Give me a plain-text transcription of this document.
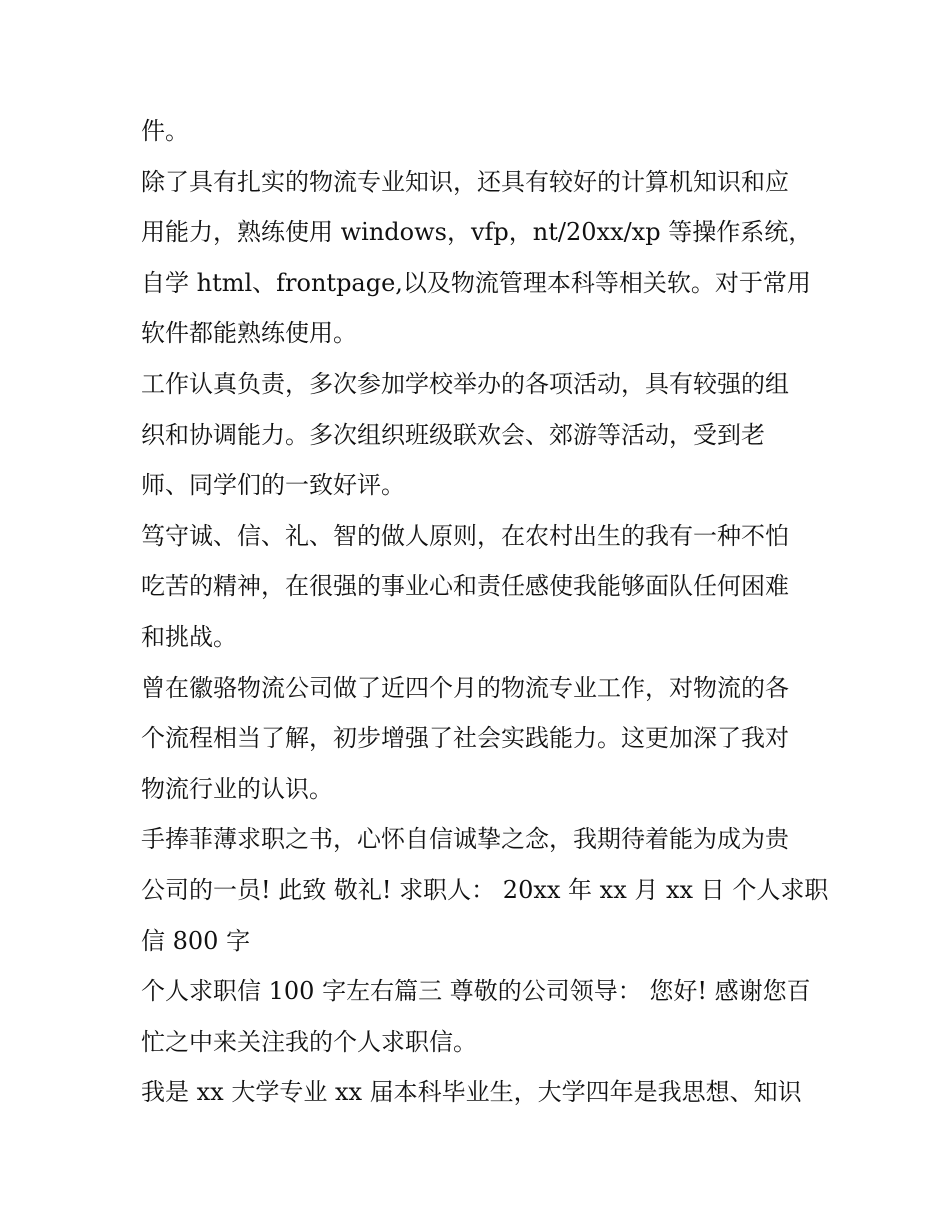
件。

除了具有扎实的物流专业知识，还具有较好的计算机知识和应
用能力，熟练使用 windows，vfp，nt/20xx/xp 等操作系统，
自学 html、frontpage,以及物流管理本科等相关软。对于常用
软件都能熟练使用。

工作认真负责，多次参加学校举办的各项活动，具有较强的组
织和协调能力。多次组织班级联欢会、郊游等活动，受到老
师、同学们的一致好评。

笃守诚、信、礼、智的做人原则，在农村出生的我有一种不怕
吃苦的精神，在很强的事业心和责任感使我能够面队任何困难
和挑战。

曾在徽骆物流公司做了近四个月的物流专业工作，对物流的各
个流程相当了解，初步增强了社会实践能力。这更加深了我对
物流行业的认识。

手捧菲薄求职之书，心怀自信诚挚之念，我期待着能为成为贵
公司的一员! 此致 敬礼! 求职人： 20xx 年 xx 月 xx 日 个人求职
信 800 字

个人求职信 100 字左右篇三 尊敬的公司领导： 您好! 感谢您百
忙之中来关注我的个人求职信。

我是 xx 大学专业 xx 届本科毕业生，大学四年是我思想、知识
